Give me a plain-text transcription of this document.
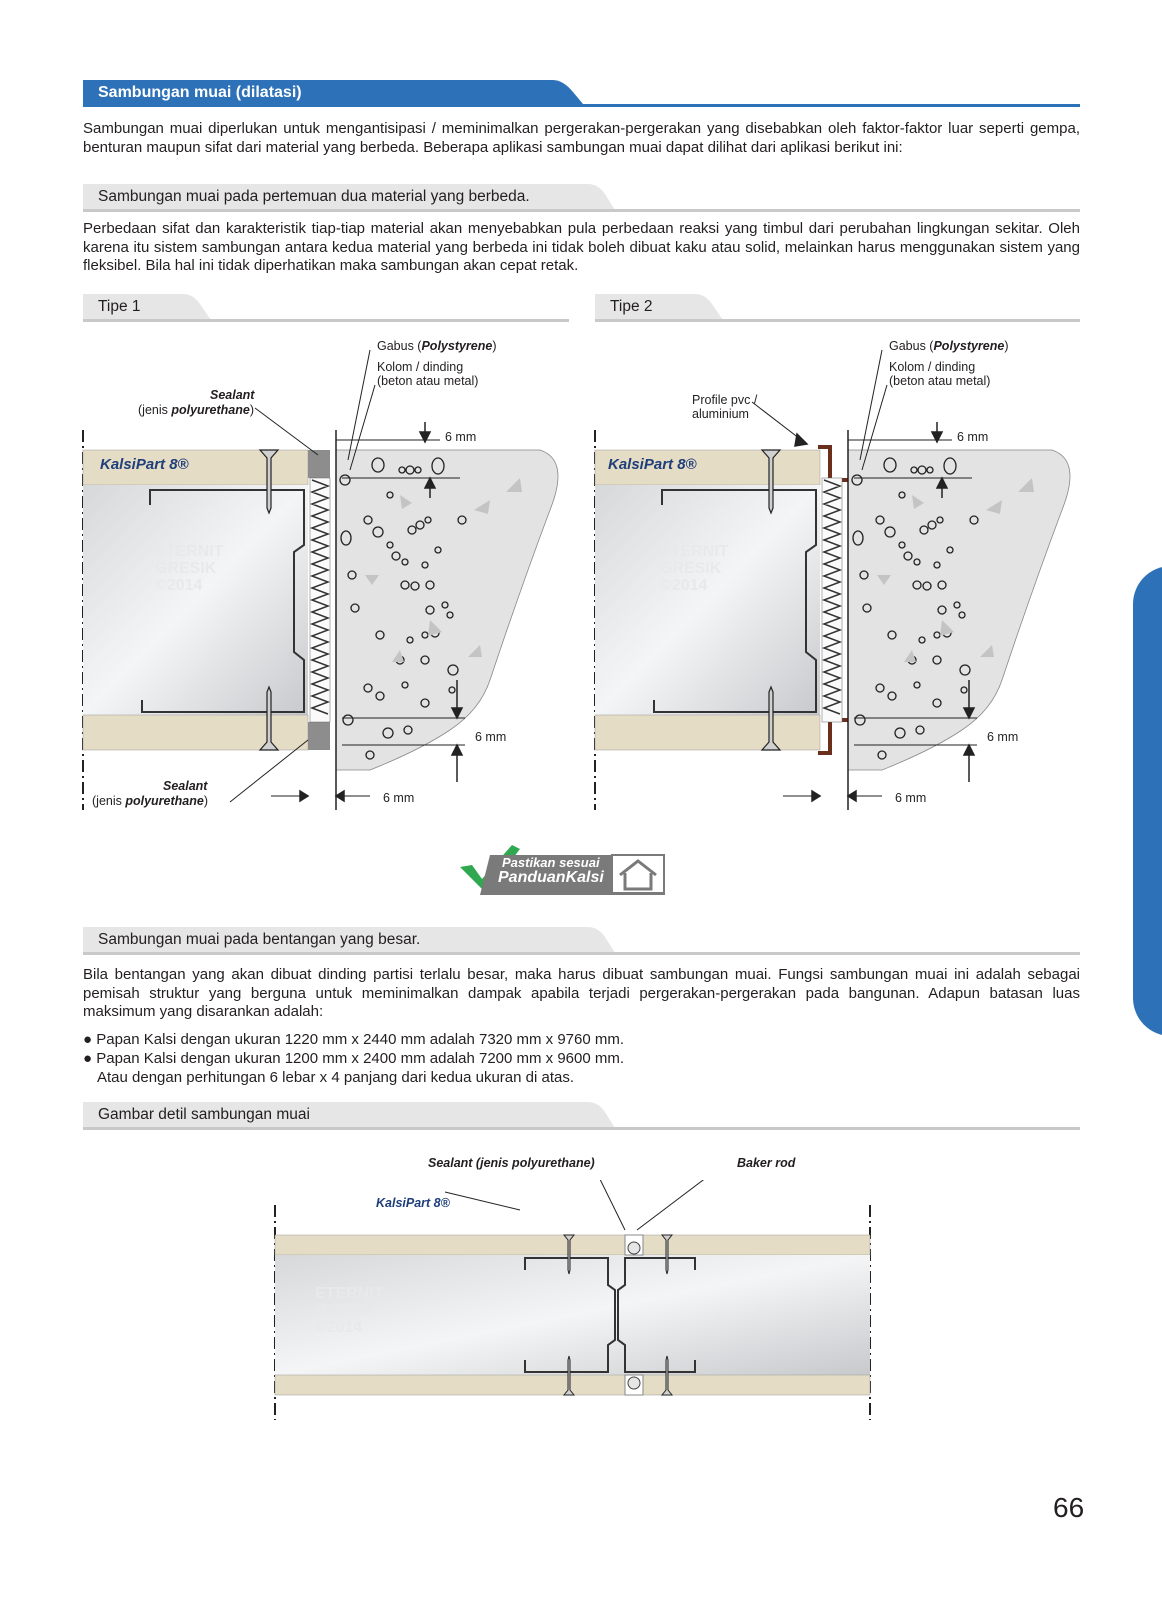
Sambungan muai (dilatasi)
Sambungan muai diperlukan untuk mengantisipasi / meminimalkan pergerakan-pergerakan yang disebabkan oleh faktor-faktor luar seperti gempa, benturan maupun sifat dari material yang berbeda. Beberapa aplikasi sambungan muai dapat dilihat dari aplikasi berikut ini:
Sambungan muai pada pertemuan dua material yang berbeda.
Perbedaan sifat dan karakteristik tiap-tiap material akan menyebabkan pula perbedaan reaksi yang timbul dari perubahan lingkungan sekitar. Oleh karena itu sistem sambungan antara kedua material yang berbeda ini tidak boleh dibuat kaku atau solid, melainkan harus menggunakan sistem yang fleksibel. Bila hal ini tidak diperhatikan maka sambungan akan cepat retak.
Tipe 1	Tipe 2
Gabus (Polystyrene)
Kolom / dinding
(beton atau metal)
Sealant
(jenis polyurethane)
Sealant
(jenis polyurethane)
6 mm
6 mm
6 mm
KalsiPart 8®
ETERNIT GRESIK ©2014
Gabus (Polystyrene)
Kolom / dinding
(beton atau metal)
Profile pvc /
aluminium
6 mm
6 mm
6 mm
KalsiPart 8®
ETERNIT GRESIK ©2014
Pastikan sesuai
PanduanKalsi
Sambungan muai pada bentangan yang besar.
Bila bentangan yang akan dibuat dinding partisi terlalu besar, maka harus dibuat sambungan muai. Fungsi sambungan muai ini adalah sebagai pemisah struktur yang berguna untuk meminimalkan dampak apabila terjadi pergerakan-pergerakan pada bangunan. Adapun batasan luas maksimum yang disarankan adalah:
● Papan Kalsi dengan ukuran 1220 mm x 2440 mm adalah 7320 mm x 9760 mm.
● Papan Kalsi dengan ukuran 1200 mm x 2400 mm adalah 7200 mm x 9600 mm.
Atau dengan perhitungan 6 lebar x 4 panjang dari kedua ukuran di atas.
Gambar detil sambungan muai
Sealant (jenis polyurethane)	Baker rod
KalsiPart 8®
ETERNIT GRESIK ©2014
66
